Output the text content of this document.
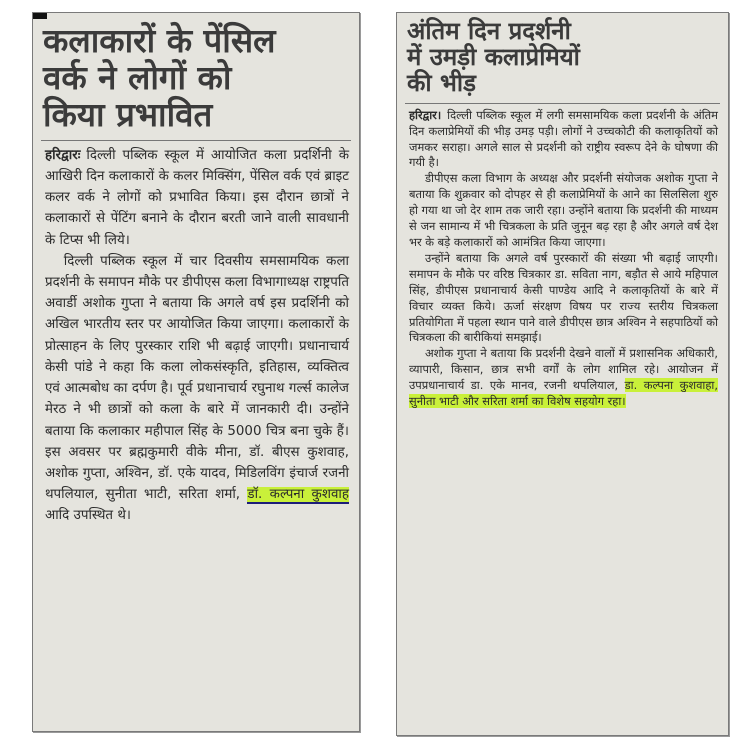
कलाकारों के पेंसिल
वर्क ने लोगों को
किया प्रभावित

हरिद्वारः दिल्ली पब्लिक स्कूल में आयोजित कला प्रदर्शिनी के आखिरी दिन कलाकारों के कलर मिक्सिंग, पेंसिल वर्क एवं ब्राइट कलर वर्क ने लोगों को प्रभावित किया। इस दौरान छात्रों ने कलाकारों से पेंटिंग बनाने के दौरान बरती जाने वाली सावधानी के टिप्स भी लिये।

दिल्ली पब्लिक स्कूल में चार दिवसीय समसामयिक कला प्रदर्शनी के समापन मौके पर डीपीएस कला विभागाध्यक्ष राष्ट्रपति अवार्डी अशोक गुप्ता ने बताया कि अगले वर्ष इस प्रदर्शिनी को अखिल भारतीय स्तर पर आयोजित किया जाएगा। कलाकारों के प्रोत्साहन के लिए पुरस्कार राशि भी बढ़ाई जाएगी। प्रधानाचार्य केसी पांडे ने कहा कि कला लोकसंस्कृति, इतिहास, व्यक्तित्व एवं आत्मबोध का दर्पण है। पूर्व प्रधानाचार्य रघुनाथ गर्ल्स कालेज मेरठ ने भी छात्रों को कला के बारे में जानकारी दी। उन्होंने बताया कि कलाकार महीपाल सिंह के 5000 चित्र बना चुके हैं। इस अवसर पर ब्रह्मकुमारी वीके मीना, डॉ. बीएस कुशवाह, अशोक गुप्ता, अश्विन, डॉ. एके यादव, मिडिलविंग इंचार्ज रजनी थपलियाल, सुनीता भाटी, सरिता शर्मा, डॉ. कल्पना कुशवाह आदि उपस्थित थे।

अंतिम दिन प्रदर्शनी
में उमड़ी कलाप्रेमियों
की भीड़

हरिद्वार। दिल्ली पब्लिक स्कूल में लगी समसामयिक कला प्रदर्शनी के अंतिम दिन कलाप्रेमियों की भीड़ उमड़ पड़ी। लोगों ने उच्चकोटी की कलाकृतियों को जमकर सराहा। अगले साल से प्रदर्शनी को राष्ट्रीय स्वरूप देने के घोषणा की गयी है।

डीपीएस कला विभाग के अध्यक्ष और प्रदर्शनी संयोजक अशोक गुप्ता ने बताया कि शुक्रवार को दोपहर से ही कलाप्रेमियों के आने का सिलसिला शुरु हो गया था जो देर शाम तक जारी रहा। उन्होंने बताया कि प्रदर्शनी की माध्यम से जन सामान्य में भी चित्रकला के प्रति जुनून बढ़ रहा है और अगले वर्ष देश भर के बड़े कलाकारों को आमंत्रित किया जाएगा।

उन्होंने बताया कि अगले वर्ष पुरस्कारों की संख्या भी बढ़ाई जाएगी। समापन के मौके पर वरिष्ठ चित्रकार डा. सविता नाग, बड़ौत से आये महिपाल सिंह, डीपीएस प्रधानाचार्य केसी पाण्डेय आदि ने कलाकृतियों के बारे में विचार व्यक्त किये। ऊर्जा संरक्षण विषय पर राज्य स्तरीय चित्रकला प्रतियोगिता में पहला स्थान पाने वाले डीपीएस छात्र अश्विन ने सहपाठियों को चित्रकला की बारीकियां समझाई।

अशोक गुप्ता ने बताया कि प्रदर्शनी देखने वालों में प्रशासनिक अधिकारी, व्यापारी, किसान, छात्र सभी वर्गों के लोग शामिल रहे। आयोजन में उपप्रधानाचार्य डा. एके मानव, रजनी थपलियाल, डा. कल्पना कुशवाहा, सुनीता भाटी और सरिता शर्मा का विशेष सहयोग रहा।
